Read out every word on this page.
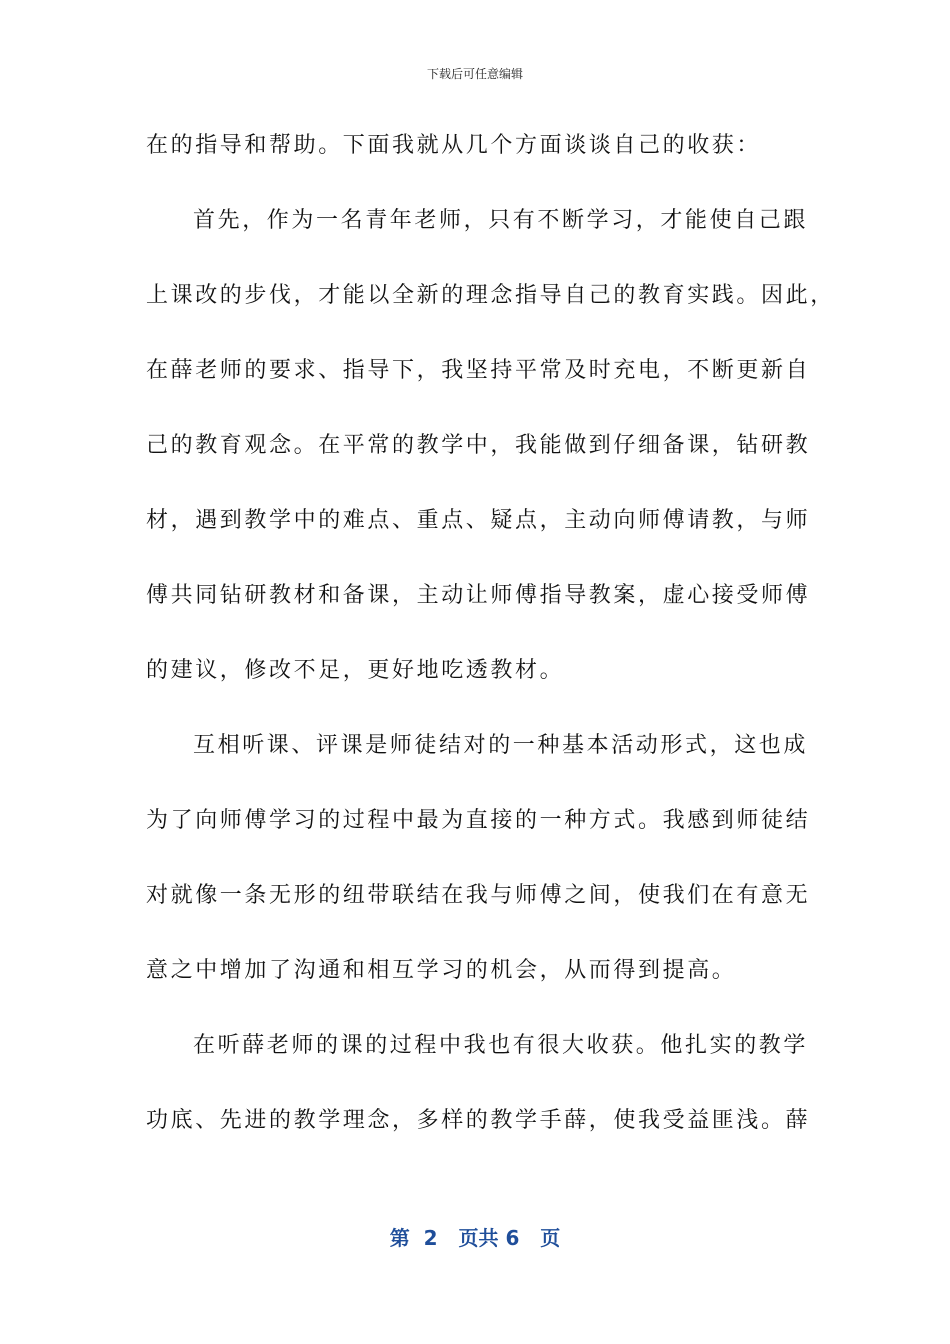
下载后可任意编辑
在的指导和帮助。下面我就从几个方面谈谈自己的收获：
首先，作为一名青年老师，只有不断学习，才能使自己跟
上课改的步伐，才能以全新的理念指导自己的教育实践。因此，
在薛老师的要求、指导下，我坚持平常及时充电，不断更新自
己的教育观念。在平常的教学中，我能做到仔细备课，钻研教
材，遇到教学中的难点、重点、疑点，主动向师傅请教，与师
傅共同钻研教材和备课，主动让师傅指导教案，虚心接受师傅
的建议，修改不足，更好地吃透教材。
互相听课、评课是师徒结对的一种基本活动形式，这也成
为了向师傅学习的过程中最为直接的一种方式。我感到师徒结
对就像一条无形的纽带联结在我与师傅之间，使我们在有意无
意之中增加了沟通和相互学习的机会，从而得到提高。
在听薛老师的课的过程中我也有很大收获。他扎实的教学
功底、先进的教学理念，多样的教学手薛，使我受益匪浅。薛
第 2 页共 6 页
